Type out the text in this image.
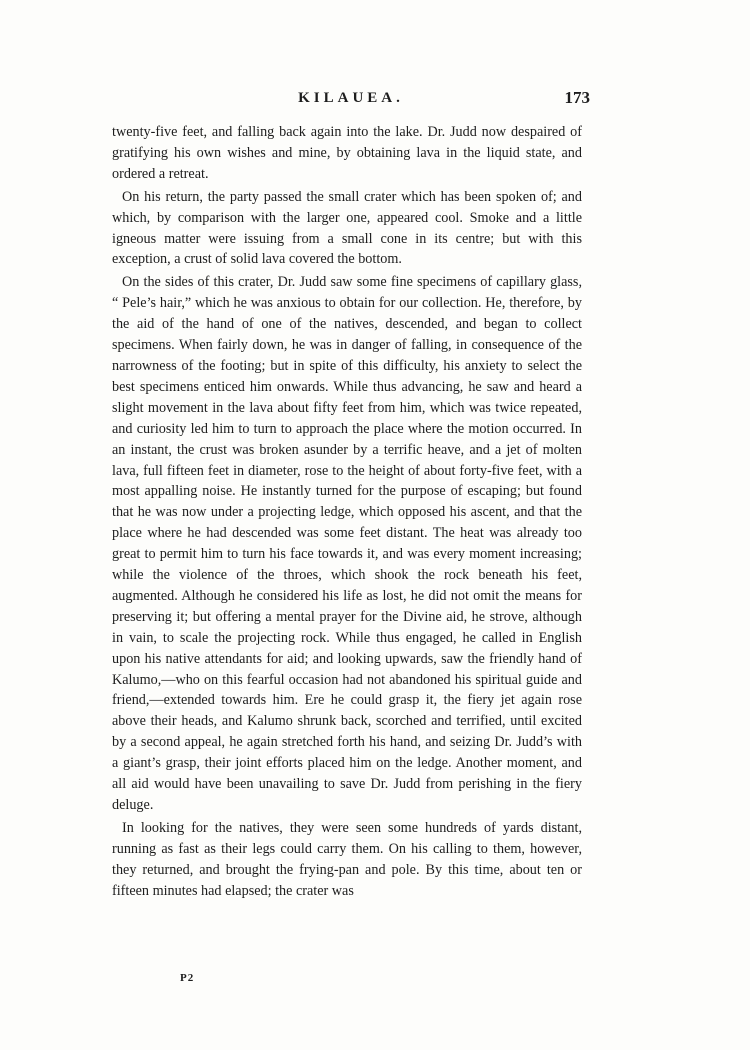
KILAUEA.	173

twenty-five feet, and falling back again into the lake. Dr. Judd now despaired of gratifying his own wishes and mine, by obtaining lava in the liquid state, and ordered a retreat.

On his return, the party passed the small crater which has been spoken of; and which, by comparison with the larger one, appeared cool. Smoke and a little igneous matter were issuing from a small cone in its centre; but with this exception, a crust of solid lava covered the bottom.

On the sides of this crater, Dr. Judd saw some fine specimens of capillary glass, “ Pele’s hair,” which he was anxious to obtain for our collection. He, therefore, by the aid of the hand of one of the natives, descended, and began to collect specimens. When fairly down, he was in danger of falling, in consequence of the narrowness of the footing; but in spite of this difficulty, his anxiety to select the best specimens enticed him onwards. While thus advancing, he saw and heard a slight movement in the lava about fifty feet from him, which was twice repeated, and curiosity led him to turn to approach the place where the motion occurred. In an instant, the crust was broken asunder by a terrific heave, and a jet of molten lava, full fifteen feet in diameter, rose to the height of about forty-five feet, with a most appalling noise. He instantly turned for the purpose of escaping; but found that he was now under a projecting ledge, which opposed his ascent, and that the place where he had descended was some feet distant. The heat was already too great to permit him to turn his face towards it, and was every moment increasing; while the violence of the throes, which shook the rock beneath his feet, augmented. Although he considered his life as lost, he did not omit the means for preserving it; but offering a mental prayer for the Divine aid, he strove, although in vain, to scale the projecting rock. While thus engaged, he called in English upon his native attendants for aid; and looking upwards, saw the friendly hand of Kalumo,—who on this fearful occasion had not abandoned his spiritual guide and friend,—extended towards him. Ere he could grasp it, the fiery jet again rose above their heads, and Kalumo shrunk back, scorched and terrified, until excited by a second appeal, he again stretched forth his hand, and seizing Dr. Judd’s with a giant’s grasp, their joint efforts placed him on the ledge. Another moment, and all aid would have been unavailing to save Dr. Judd from perishing in the fiery deluge.

In looking for the natives, they were seen some hundreds of yards distant, running as fast as their legs could carry them. On his calling to them, however, they returned, and brought the frying-pan and pole. By this time, about ten or fifteen minutes had elapsed; the crater was

P2
